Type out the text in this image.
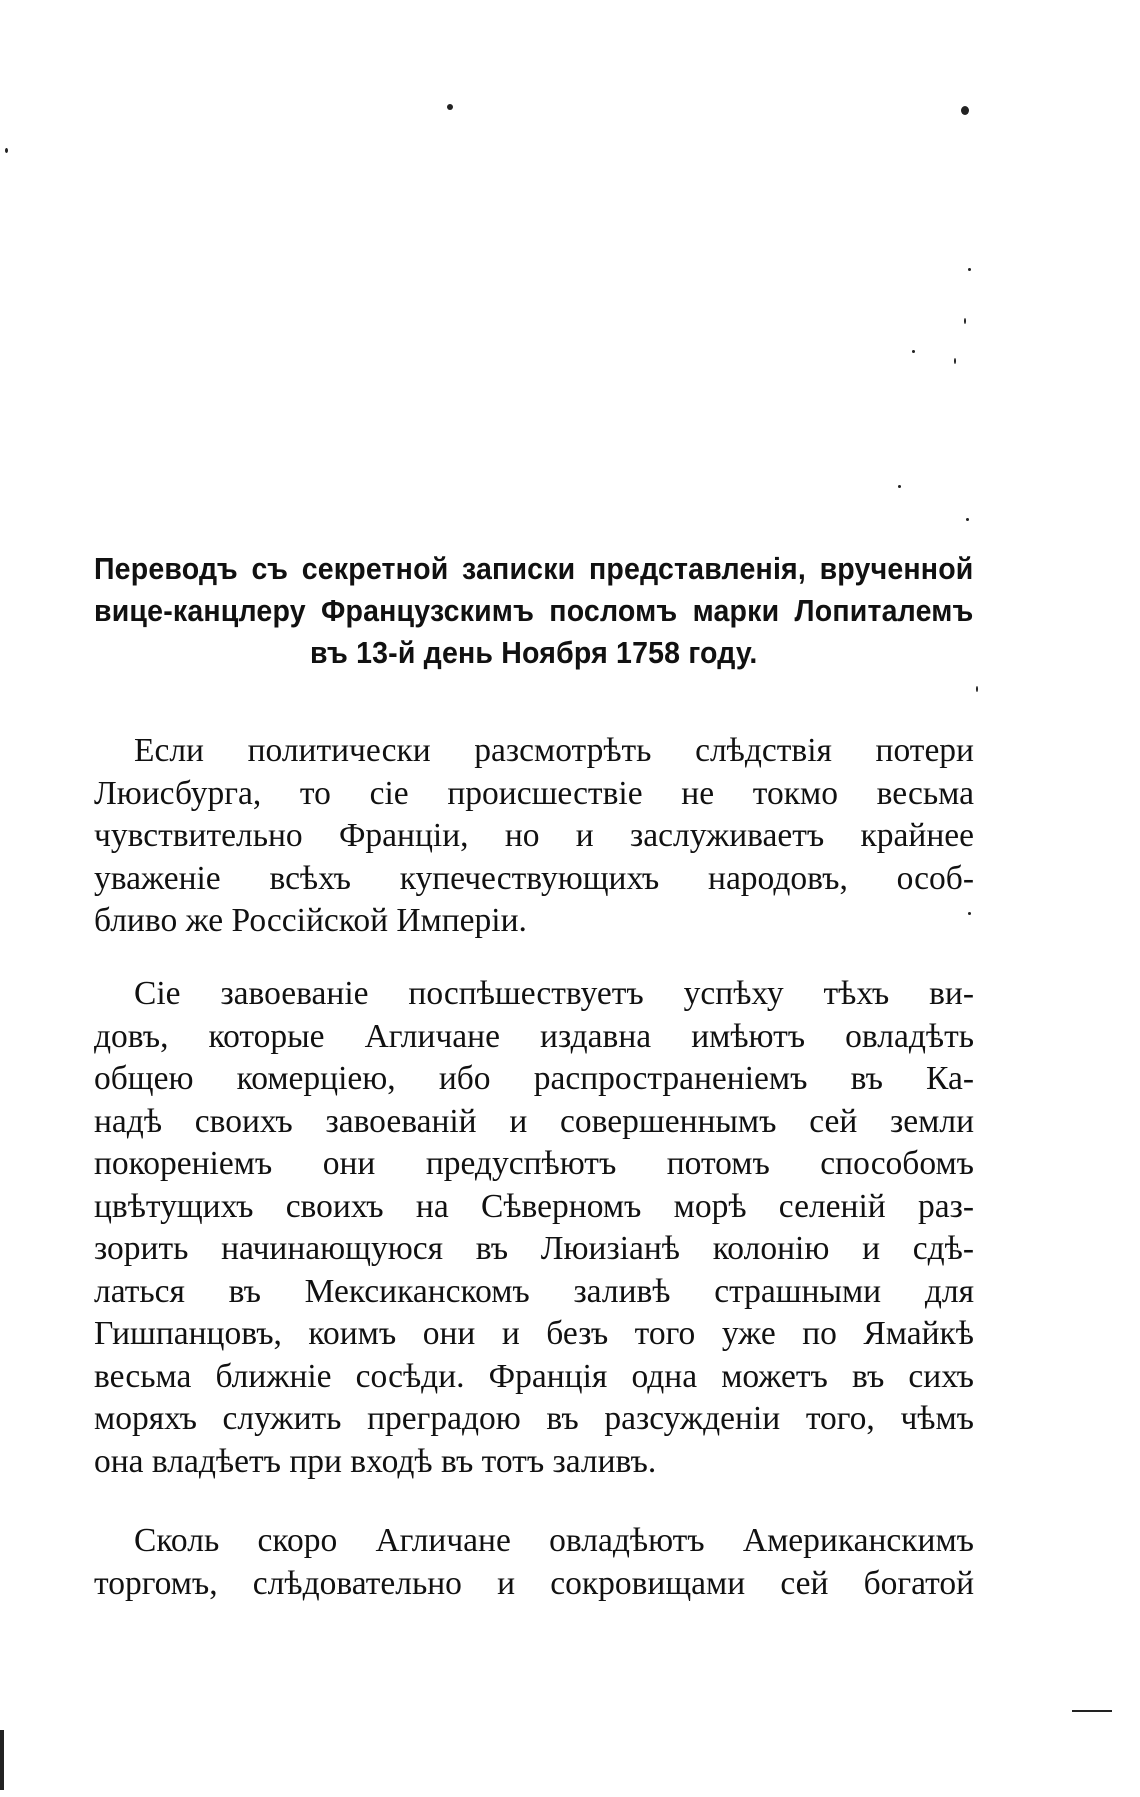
Переводъ съ секретной записки представленія, врученной
вице-канцлеру Французскимъ посломъ марки Лопиталемъ
въ 13-й день Ноября 1758 году.
Если политически разсмотрѣть слѣдствія потери
Люисбурга, то сіе происшествіе не токмо весьма
чувствительно Франціи, но и заслуживаетъ крайнее
уваженіе всѣхъ купечествующихъ народовъ, особ-
бливо же Россійской Имперіи.
Сіе завоеваніе поспѣшествуетъ успѣху тѣхъ ви-
довъ, которые Агличане издавна имѣютъ овладѣть
общею комерціею, ибо распространеніемъ въ Ка-
надѣ своихъ завоеваній и совершеннымъ сей земли
покореніемъ они предуспѣютъ потомъ способомъ
цвѣтущихъ своихъ на Сѣверномъ морѣ селеній раз-
зорить начинающуюся въ Люизіанѣ колонію и сдѣ-
латься въ Мексиканскомъ заливѣ страшными для
Гишпанцовъ, коимъ они и безъ того уже по Ямайкѣ
весьма ближніе сосѣди. Франція одна можетъ въ сихъ
моряхъ служить преградою въ разсужденіи того, чѣмъ
она владѣетъ при входѣ въ тотъ заливъ.
Сколь скоро Агличане овладѣютъ Американскимъ
торгомъ, слѣдовательно и сокровищами сей богатой
